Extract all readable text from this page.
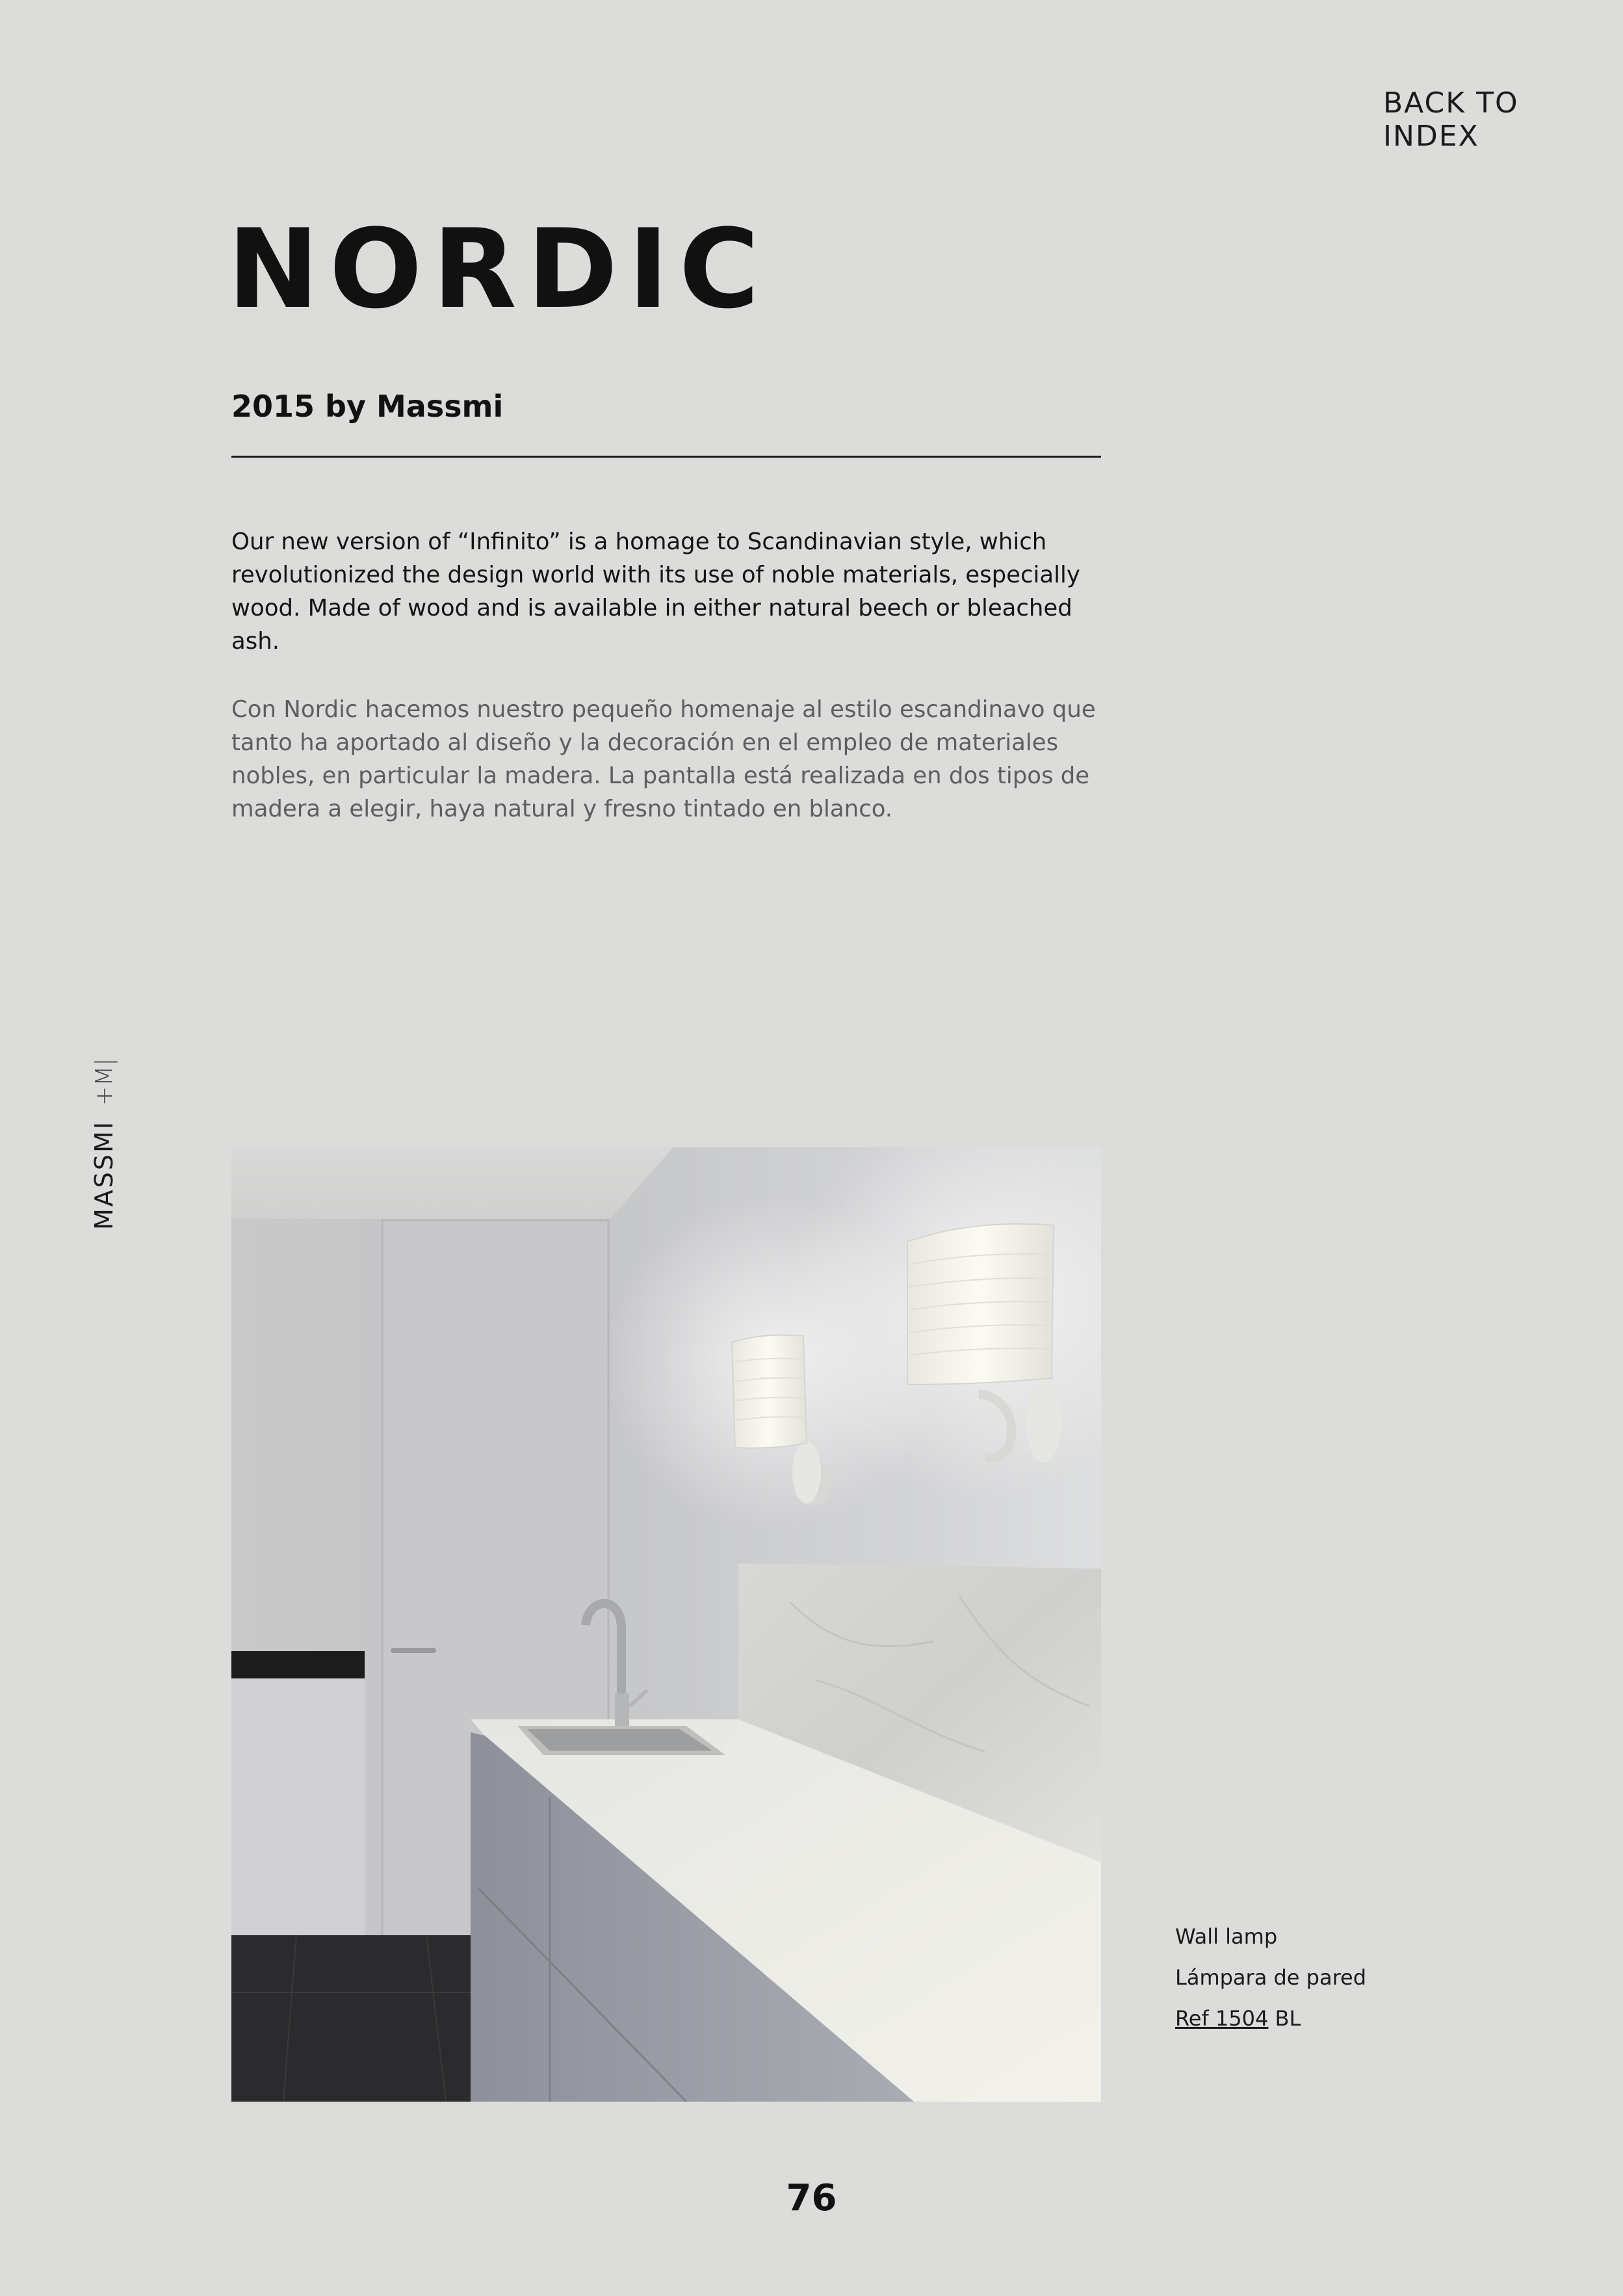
BACK TO INDEX
NORDIC
2015 by Massmi

Our new version of “Infinito” is a homage to Scandinavian style, which revolutionized the design world with its use of noble materials, especially wood. Made of wood and is available in either natural beech or bleached ash.

Con Nordic hacemos nuestro pequeño homenaje al estilo escandinavo que tanto ha aportado al diseño y la decoración en el empleo de materiales nobles, en particular la madera. La pantalla está realizada en dos tipos de madera a elegir, haya natural y fresno tintado en blanco.

MASSMI
+M|
Wall lamp
Lámpara de pared
Ref 1504 BL
76
